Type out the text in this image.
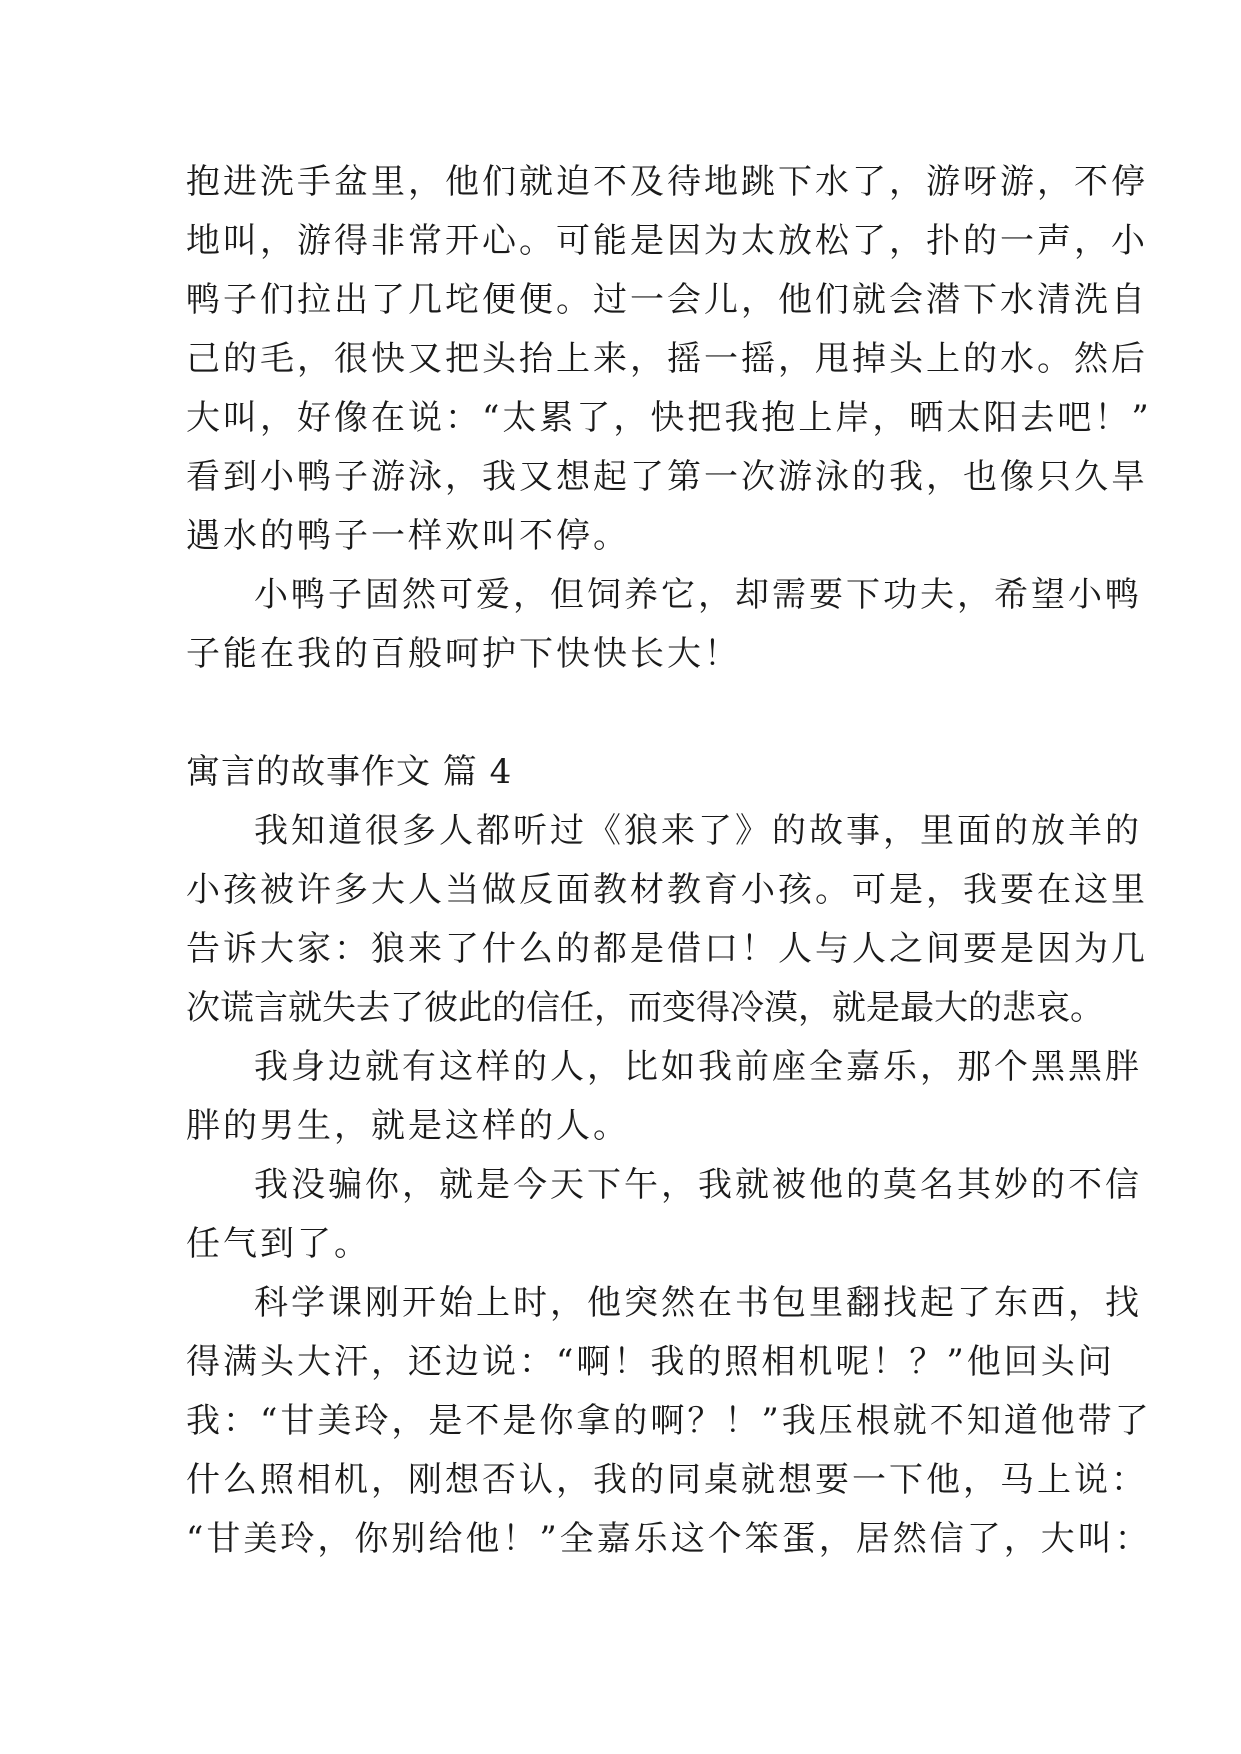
抱进洗手盆里，他们就迫不及待地跳下水了，游呀游，不停
地叫，游得非常开心。可能是因为太放松了，扑的一声，小
鸭子们拉出了几坨便便。过一会儿，他们就会潜下水清洗自
己的毛，很快又把头抬上来，摇一摇，甩掉头上的水。然后
大叫，好像在说：“太累了，快把我抱上岸，晒太阳去吧！”
看到小鸭子游泳，我又想起了第一次游泳的我，也像只久旱
遇水的鸭子一样欢叫不停。
小鸭子固然可爱，但饲养它，却需要下功夫，希望小鸭
子能在我的百般呵护下快快长大！
寓言的故事作文 篇 4
我知道很多人都听过《狼来了》的故事，里面的放羊的
小孩被许多大人当做反面教材教育小孩。可是，我要在这里
告诉大家：狼来了什么的都是借口！人与人之间要是因为几
次谎言就失去了彼此的信任，而变得冷漠，就是最大的悲哀。
我身边就有这样的人，比如我前座全嘉乐，那个黑黑胖
胖的男生，就是这样的人。
我没骗你，就是今天下午，我就被他的莫名其妙的不信
任气到了。
科学课刚开始上时，他突然在书包里翻找起了东西，找
得满头大汗，还边说：“啊！我的照相机呢！？”他回头问
我：“甘美玲，是不是你拿的啊？！”我压根就不知道他带了
什么照相机，刚想否认，我的同桌就想要一下他，马上说：
“甘美玲，你别给他！”全嘉乐这个笨蛋，居然信了，大叫：
